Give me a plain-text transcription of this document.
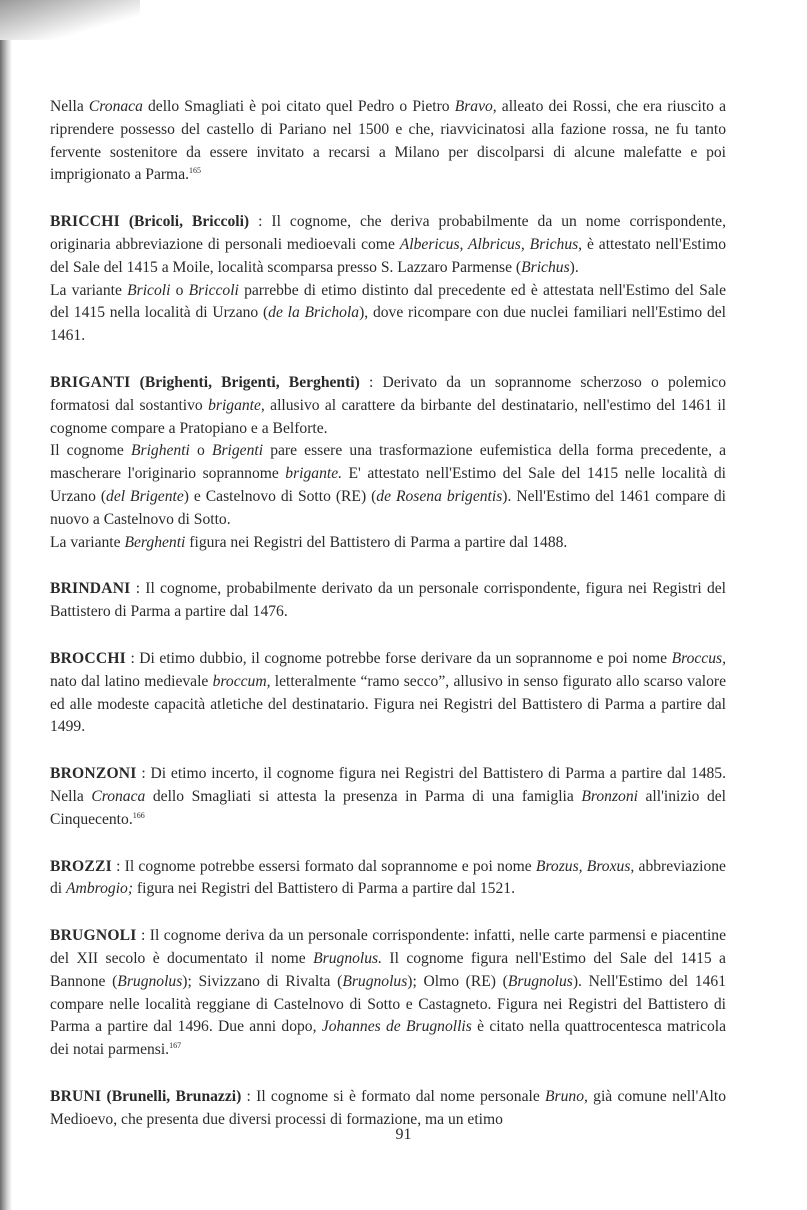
Nella Cronaca dello Smagliati è poi citato quel Pedro o Pietro Bravo, alleato dei Rossi, che era riuscito a riprendere possesso del castello di Pariano nel 1500 e che, riavvicinatosi alla fazione rossa, ne fu tanto fervente sostenitore da essere invitato a recarsi a Milano per discolparsi di alcune malefatte e poi imprigionato a Parma.$^{165}$

BRICCHI (Bricoli, Briccoli) : Il cognome, che deriva probabilmente da un nome corrispondente, originaria abbreviazione di personali medioevali come Albericus, Albricus, Brichus, è attestato nell'Estimo del Sale del 1415 a Moile, località scomparsa presso S. Lazzaro Parmense (Brichus).

La variante Bricoli o Briccoli parrebbe di etimo distinto dal precedente ed è attestata nell'Estimo del Sale del 1415 nella località di Urzano (de la Brichola), dove ricompare con due nuclei familiari nell'Estimo del 1461.

BRIGANTI (Brighenti, Brigenti, Berghenti) : Derivato da un soprannome scherzoso o polemico formatosi dal sostantivo brigante, allusivo al carattere da birbante del destinatario, nell'estimo del 1461 il cognome compare a Pratopiano e a Belforte.

Il cognome Brighenti o Brigenti pare essere una trasformazione eufemistica della forma precedente, a mascherare l'originario soprannome brigante. E' attestato nell'Estimo del Sale del 1415 nelle località di Urzano (del Brigente) e Castelnovo di Sotto (RE) (de Rosena brigentis). Nell'Estimo del 1461 compare di nuovo a Castelnovo di Sotto.

La variante Berghenti figura nei Registri del Battistero di Parma a partire dal 1488.

BRINDANI : Il cognome, probabilmente derivato da un personale corrispondente, figura nei Registri del Battistero di Parma a partire dal 1476.

BROCCHI : Di etimo dubbio, il cognome potrebbe forse derivare da un soprannome e poi nome Broccus, nato dal latino medievale broccum, letteralmente “ramo secco”, allusivo in senso figurato allo scarso valore ed alle modeste capacità atletiche del destinatario. Figura nei Registri del Battistero di Parma a partire dal 1499.

BRONZONI : Di etimo incerto, il cognome figura nei Registri del Battistero di Parma a partire dal 1485. Nella Cronaca dello Smagliati si attesta la presenza in Parma di una famiglia Bronzoni all'inizio del Cinquecento.$^{166}$

BROZZI : Il cognome potrebbe essersi formato dal soprannome e poi nome Brozus, Broxus, abbreviazione di Ambrogio; figura nei Registri del Battistero di Parma a partire dal 1521.

BRUGNOLI : Il cognome deriva da un personale corrispondente: infatti, nelle carte parmensi e piacentine del XII secolo è documentato il nome Brugnolus. Il cognome figura nell'Estimo del Sale del 1415 a Bannone (Brugnolus); Sivizzano di Rivalta (Brugnolus); Olmo (RE) (Brugnolus). Nell'Estimo del 1461 compare nelle località reggiane di Castelnovo di Sotto e Castagneto. Figura nei Registri del Battistero di Parma a partire dal 1496. Due anni dopo, Johannes de Brugnollis è citato nella quattrocentesca matricola dei notai parmensi.$^{167}$

BRUNI (Brunelli, Brunazzi) : Il cognome si è formato dal nome personale Bruno, già comune nell'Alto Medioevo, che presenta due diversi processi di formazione, ma un etimo

91
